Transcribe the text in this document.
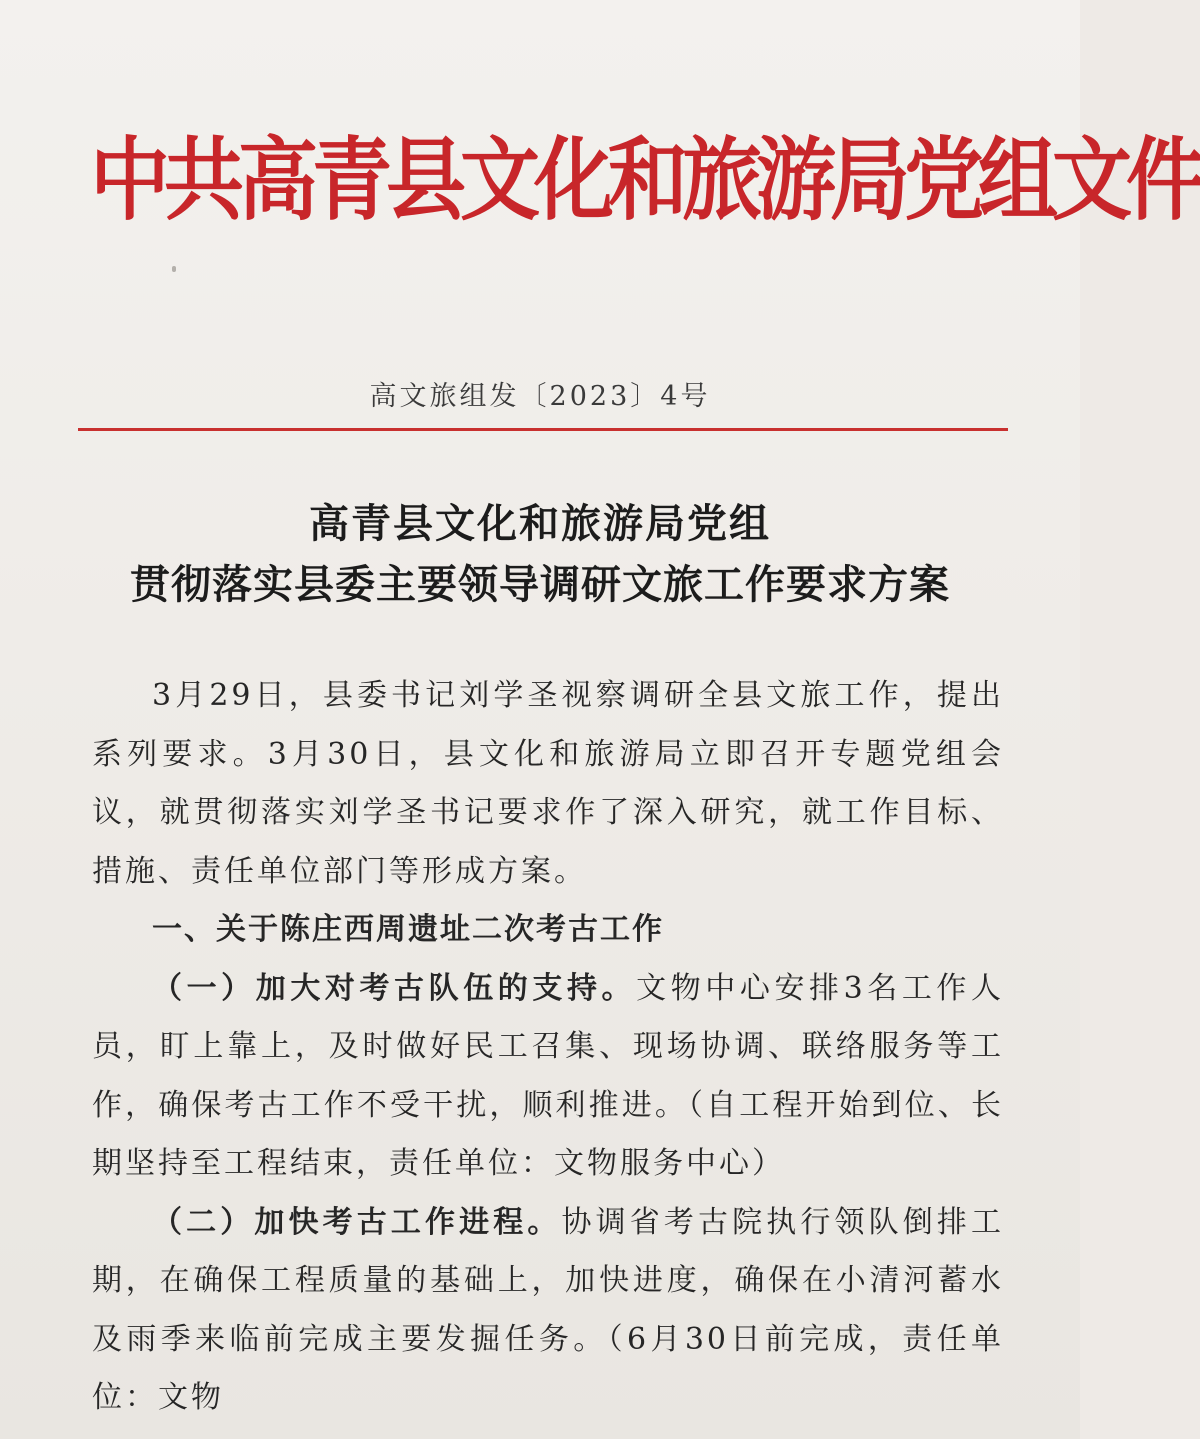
中共高青县文化和旅游局党组文件
高文旅组发〔2023〕4号
高青县文化和旅游局党组
贯彻落实县委主要领导调研文旅工作要求方案

3月29日，县委书记刘学圣视察调研全县文旅工作，提出系列要求。3月30日，县文化和旅游局立即召开专题党组会议，就贯彻落实刘学圣书记要求作了深入研究，就工作目标、措施、责任单位部门等形成方案。

一、关于陈庄西周遗址二次考古工作

（一）加大对考古队伍的支持。文物中心安排3名工作人员，盯上靠上，及时做好民工召集、现场协调、联络服务等工作，确保考古工作不受干扰，顺利推进。（自工程开始到位、长期坚持至工程结束，责任单位：文物服务中心）

（二）加快考古工作进程。协调省考古院执行领队倒排工期，在确保工程质量的基础上，加快进度，确保在小清河蓄水及雨季来临前完成主要发掘任务。（6月30日前完成，责任单位：文物
